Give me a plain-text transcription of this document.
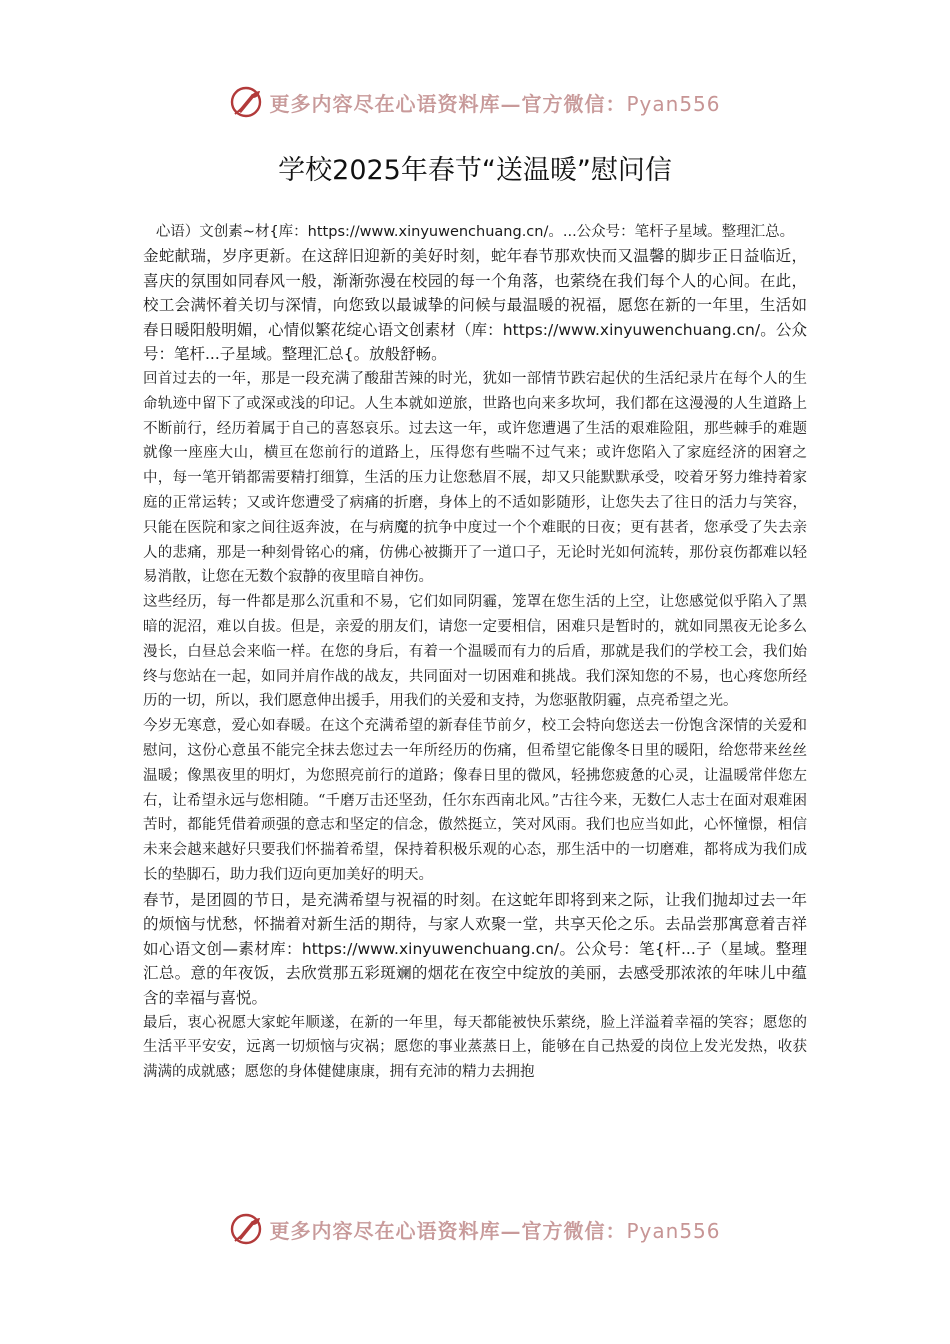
更多内容尽在心语资料库—官方微信：Pyan556
学校2025年春节“送温暖”慰问信

心语）文创素~材{库：https://www.xinyuwenchuang.cn/。...公众号：笔杆子星域。整理汇总。

金蛇献瑞，岁序更新。在这辞旧迎新的美好时刻，蛇年春节那欢快而又温馨的脚步正日益临近，喜庆的氛围如同春风一般，渐渐弥漫在校园的每一个角落，也萦绕在我们每个人的心间。在此，校工会满怀着关切与深情，向您致以最诚挚的问候与最温暖的祝福，愿您在新的一年里，生活如春日暖阳般明媚，心情似繁花绽心语文创素材（库：https://www.xinyuwenchuang.cn/。公众号：笔杆...子星域。整理汇总{。放般舒畅。

回首过去的一年，那是一段充满了酸甜苦辣的时光，犹如一部情节跌宕起伏的生活纪录片在每个人的生命轨迹中留下了或深或浅的印记。人生本就如逆旅，世路也向来多坎坷，我们都在这漫漫的人生道路上不断前行，经历着属于自己的喜怒哀乐。过去这一年，或许您遭遇了生活的艰难险阻，那些棘手的难题就像一座座大山，横亘在您前行的道路上，压得您有些喘不过气来；或许您陷入了家庭经济的困窘之中，每一笔开销都需要精打细算，生活的压力让您愁眉不展，却又只能默默承受，咬着牙努力维持着家庭的正常运转；又或许您遭受了病痛的折磨，身体上的不适如影随形，让您失去了往日的活力与笑容，只能在医院和家之间往返奔波，在与病魔的抗争中度过一个个难眠的日夜；更有甚者，您承受了失去亲人的悲痛，那是一种刻骨铭心的痛，仿佛心被撕开了一道口子，无论时光如何流转，那份哀伤都难以轻易消散，让您在无数个寂静的夜里暗自神伤。

这些经历，每一件都是那么沉重和不易，它们如同阴霾，笼罩在您生活的上空，让您感觉似乎陷入了黑暗的泥沼，难以自拔。但是，亲爱的朋友们，请您一定要相信，困难只是暂时的，就如同黑夜无论多么漫长，白昼总会来临一样。在您的身后，有着一个温暖而有力的后盾，那就是我们的学校工会，我们始终与您站在一起，如同并肩作战的战友，共同面对一切困难和挑战。我们深知您的不易，也心疼您所经历的一切，所以，我们愿意伸出援手，用我们的关爱和支持，为您驱散阴霾，点亮希望之光。

今岁无寒意，爱心如春暖。在这个充满希望的新春佳节前夕，校工会特向您送去一份饱含深情的关爱和慰问，这份心意虽不能完全抹去您过去一年所经历的伤痛，但希望它能像冬日里的暖阳，给您带来丝丝温暖；像黑夜里的明灯，为您照亮前行的道路；像春日里的微风，轻拂您疲惫的心灵，让温暖常伴您左右，让希望永远与您相随。“千磨万击还坚劲，任尔东西南北风。”古往今来，无数仁人志士在面对艰难困苦时，都能凭借着顽强的意志和坚定的信念，傲然挺立，笑对风雨。我们也应当如此，心怀憧憬，相信未来会越来越好只要我们怀揣着希望，保持着积极乐观的心态，那生活中的一切磨难，都将成为我们成长的垫脚石，助力我们迈向更加美好的明天。

春节，是团圆的节日，是充满希望与祝福的时刻。在这蛇年即将到来之际，让我们抛却过去一年的烦恼与忧愁，怀揣着对新生活的期待，与家人欢聚一堂，共享天伦之乐。去品尝那寓意着吉祥如心语文创—素材库：https://www.xinyuwenchuang.cn/。公众号：笔{杆...子（星域。整理汇总。意的年夜饭，去欣赏那五彩斑斓的烟花在夜空中绽放的美丽，去感受那浓浓的年味儿中蕴含的幸福与喜悦。

最后，衷心祝愿大家蛇年顺遂，在新的一年里，每天都能被快乐萦绕，脸上洋溢着幸福的笑容；愿您的生活平平安安，远离一切烦恼与灾祸；愿您的事业蒸蒸日上，能够在自己热爱的岗位上发光发热，收获满满的成就感；愿您的身体健健康康，拥有充沛的精力去拥抱

更多内容尽在心语资料库—官方微信：Pyan556
